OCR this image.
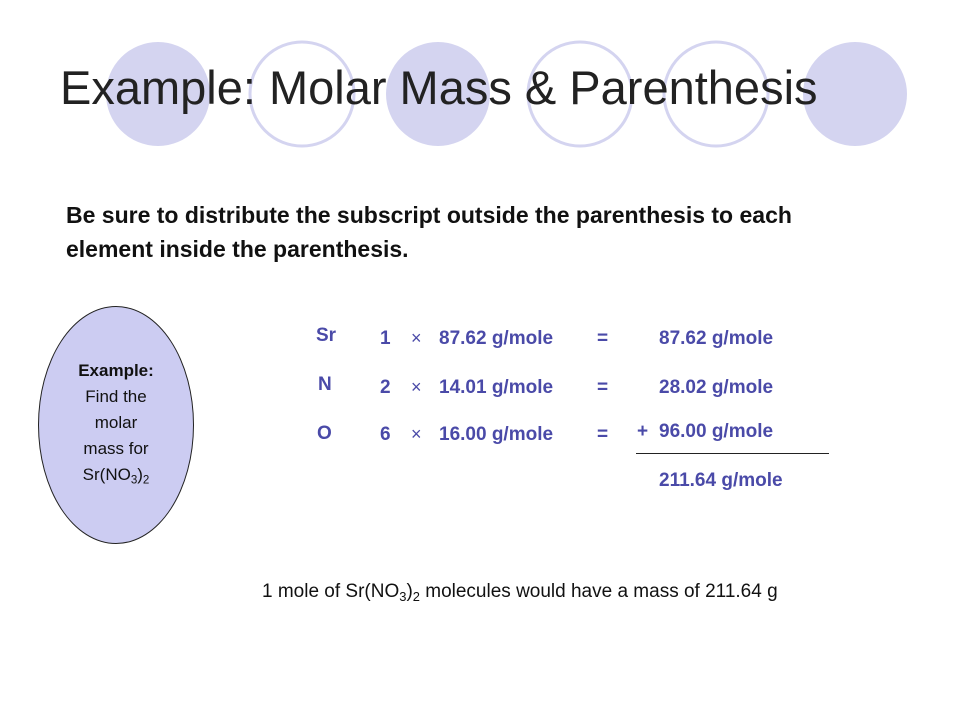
Example: Molar Mass & Parenthesis
Be sure to distribute the subscript outside the parenthesis to each element inside the parenthesis.
Example:
Find the
molar
mass for
$Sr(NO_3)_2$
Sr 1 × 87.62 g/mole =	87.62 g/mole
N	2 × 14.01 g/mole =	28.02 g/mole
O	6 × 16.00 g/mole = + 96.00 g/mole
211.64 g/mole
1 mole of $Sr(NO_3)_2$ molecules would have a mass of 211.64 g
